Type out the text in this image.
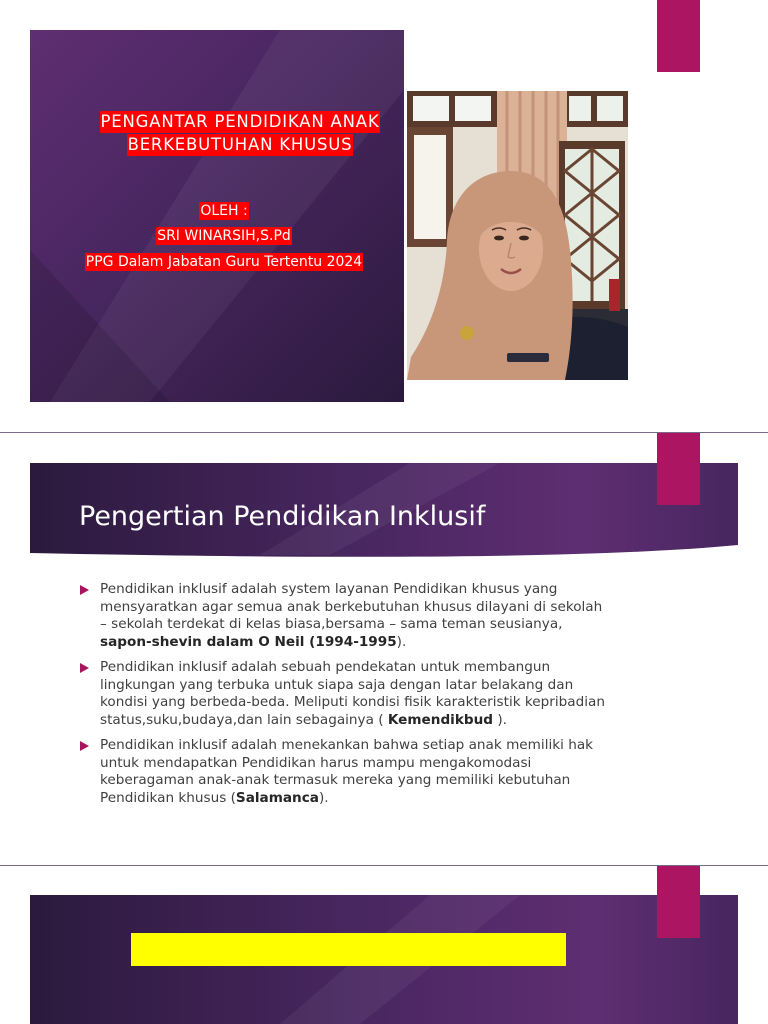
PENGANTAR PENDIDIKAN ANAK
BERKEBUTUHAN KHUSUS
OLEH :
SRI WINARSIH,S.Pd
PPG Dalam Jabatan Guru Tertentu 2024
Pengertian Pendidikan Inklusif
Pendidikan inklusif adalah system layanan Pendidikan khusus yang
mensyaratkan agar semua anak berkebutuhan khusus dilayani di sekolah
– sekolah terdekat di kelas biasa,bersama – sama teman seusianya,
sapon-shevin dalam O Neil (1994-1995).
Pendidikan inklusif adalah sebuah pendekatan untuk membangun
lingkungan yang terbuka untuk siapa saja dengan latar belakang dan
kondisi yang berbeda-beda. Meliputi kondisi fisik karakteristik kepribadian
status,suku,budaya,dan lain sebagainya ( Kemendikbud ).
Pendidikan inklusif adalah menekankan bahwa setiap anak memiliki hak
untuk mendapatkan Pendidikan harus mampu mengakomodasi
keberagaman anak-anak termasuk mereka yang memiliki kebutuhan
Pendidikan khusus (Salamanca).
